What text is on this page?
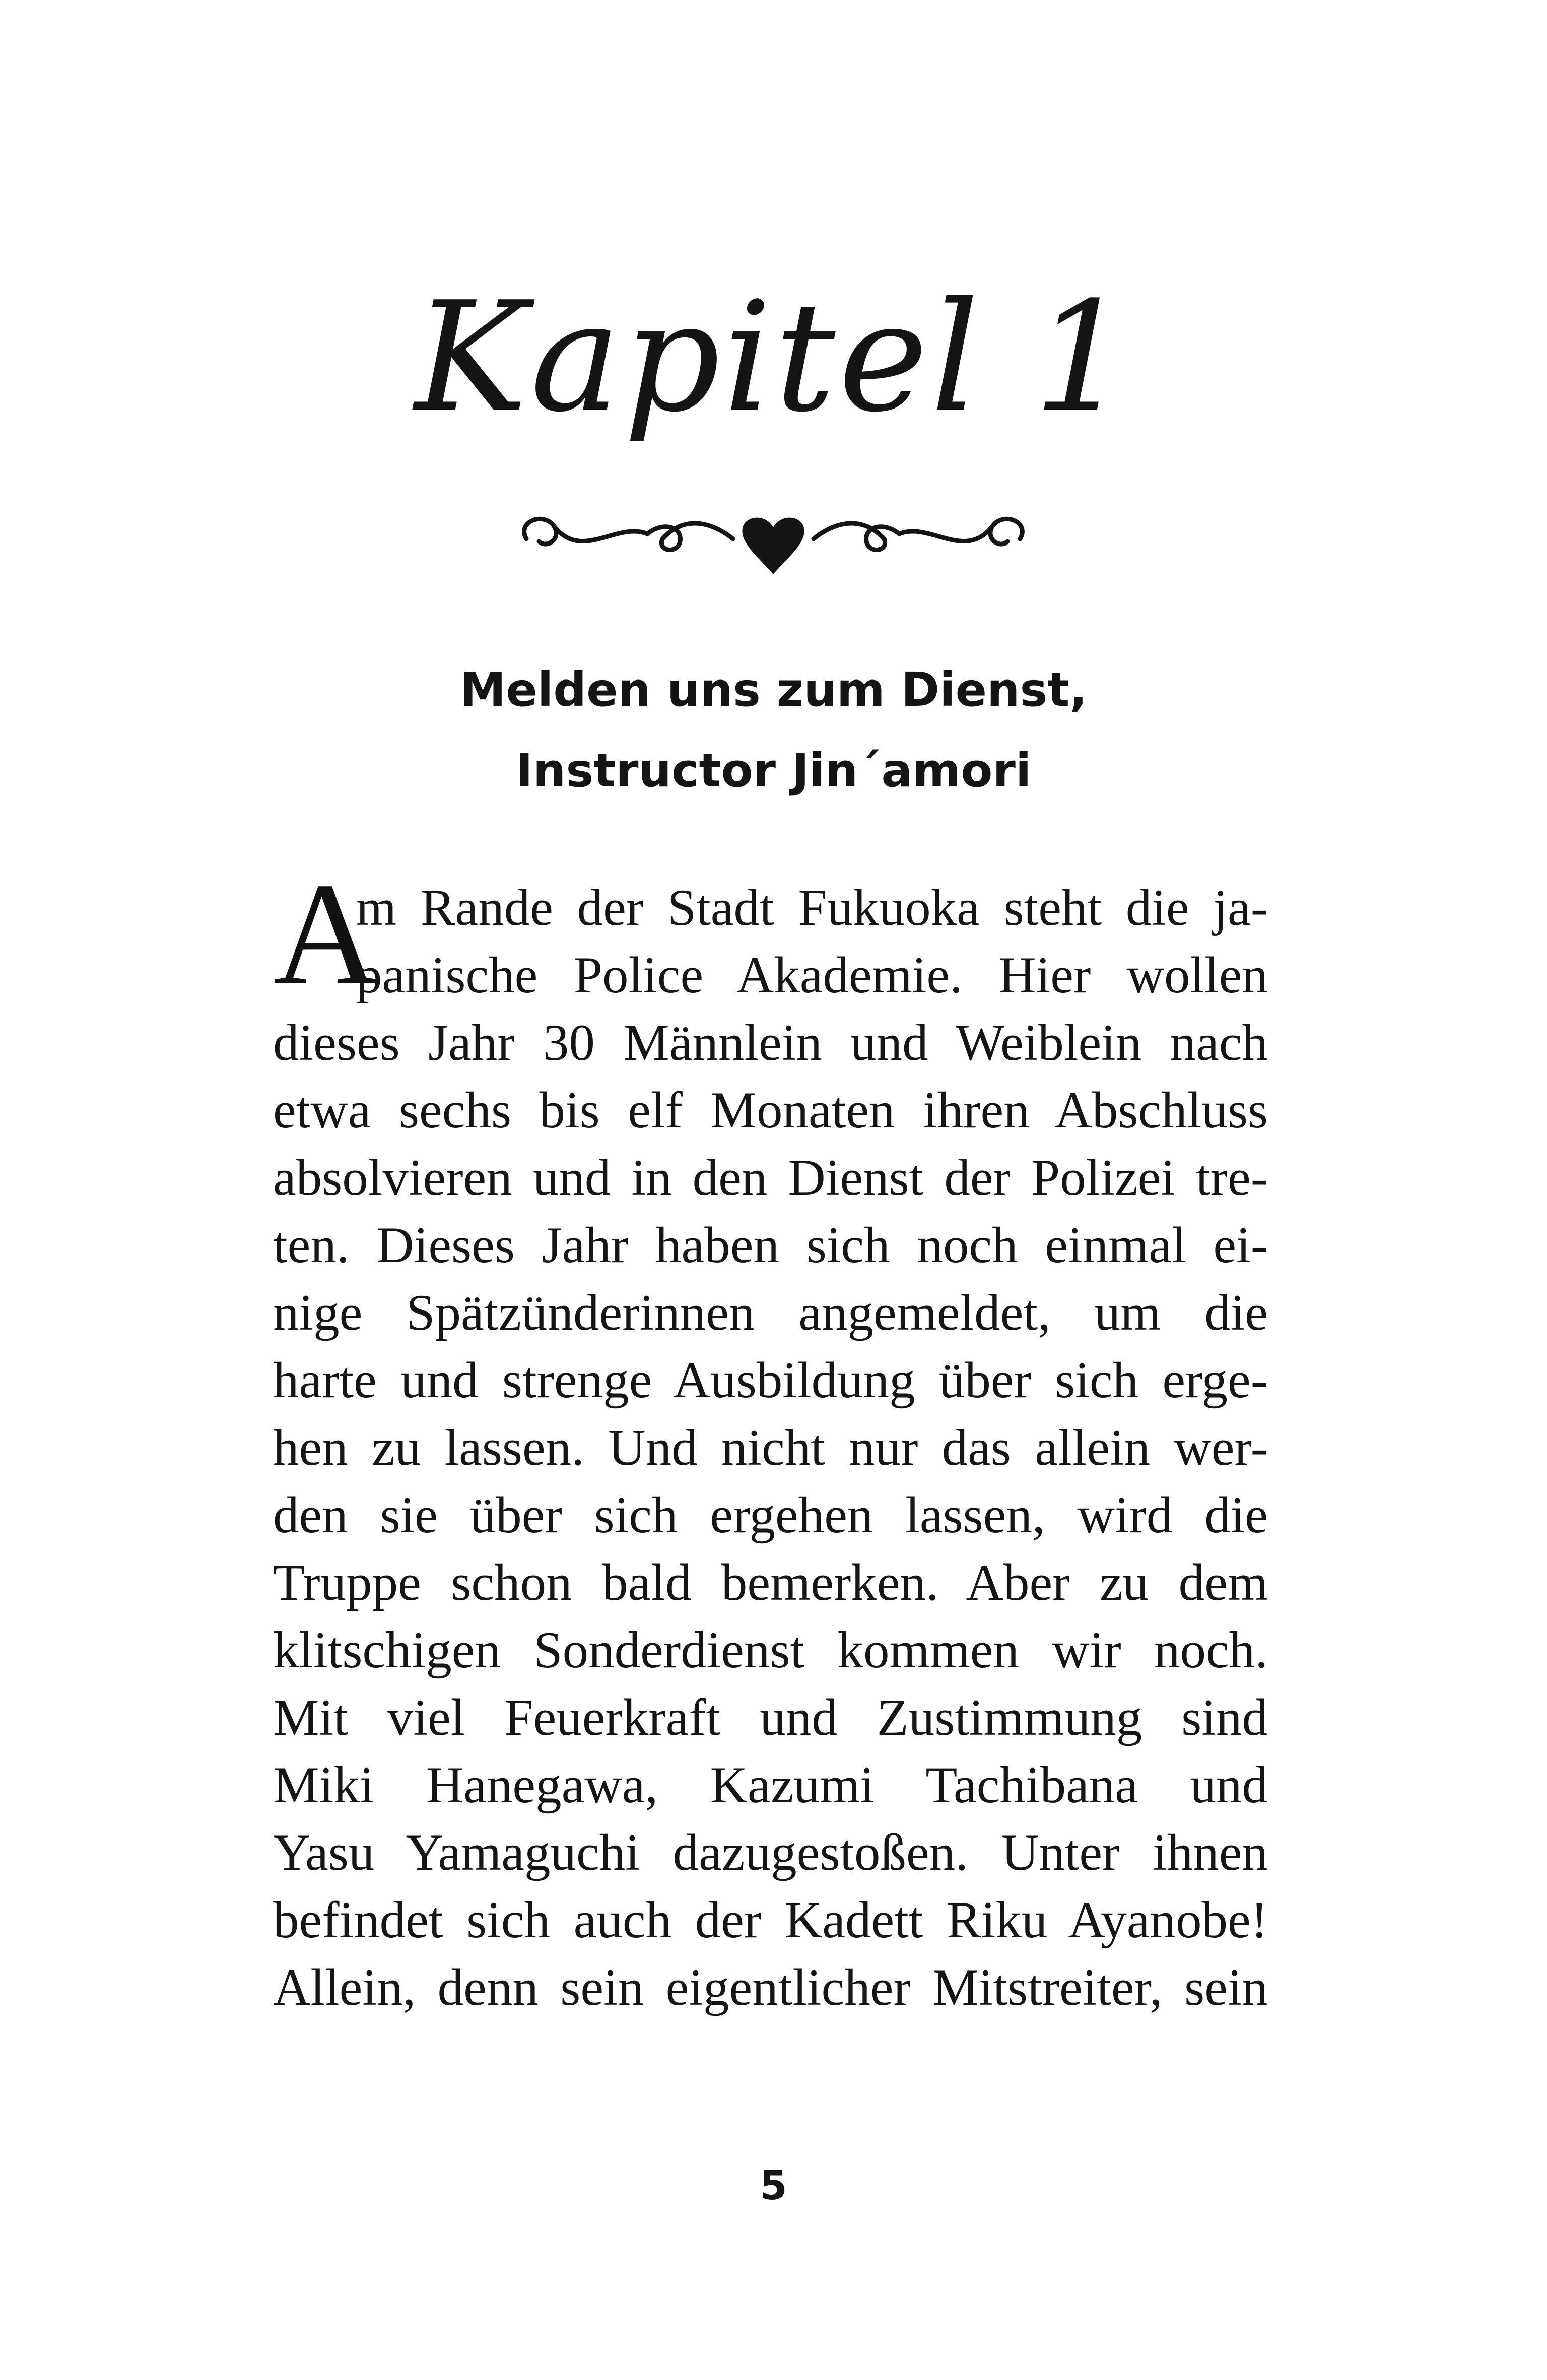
Kapitel 1
Melden uns zum Dienst,
Instructor Jin´amori
A
m Rande der Stadt Fukuoka steht die ja-
panische Police Akademie. Hier wollen
dieses Jahr 30 Männlein und Weiblein nach
etwa sechs bis elf Monaten ihren Abschluss
absolvieren und in den Dienst der Polizei tre-
ten. Dieses Jahr haben sich noch einmal ei-
nige Spätzünderinnen angemeldet, um die
harte und strenge Ausbildung über sich erge-
hen zu lassen. Und nicht nur das allein wer-
den sie über sich ergehen lassen, wird die
Truppe schon bald bemerken. Aber zu dem
klitschigen Sonderdienst kommen wir noch.
Mit viel Feuerkraft und Zustimmung sind
Miki Hanegawa, Kazumi Tachibana und
Yasu Yamaguchi dazugestoßen. Unter ihnen
befindet sich auch der Kadett Riku Ayanobe!
Allein, denn sein eigentlicher Mitstreiter, sein
5
